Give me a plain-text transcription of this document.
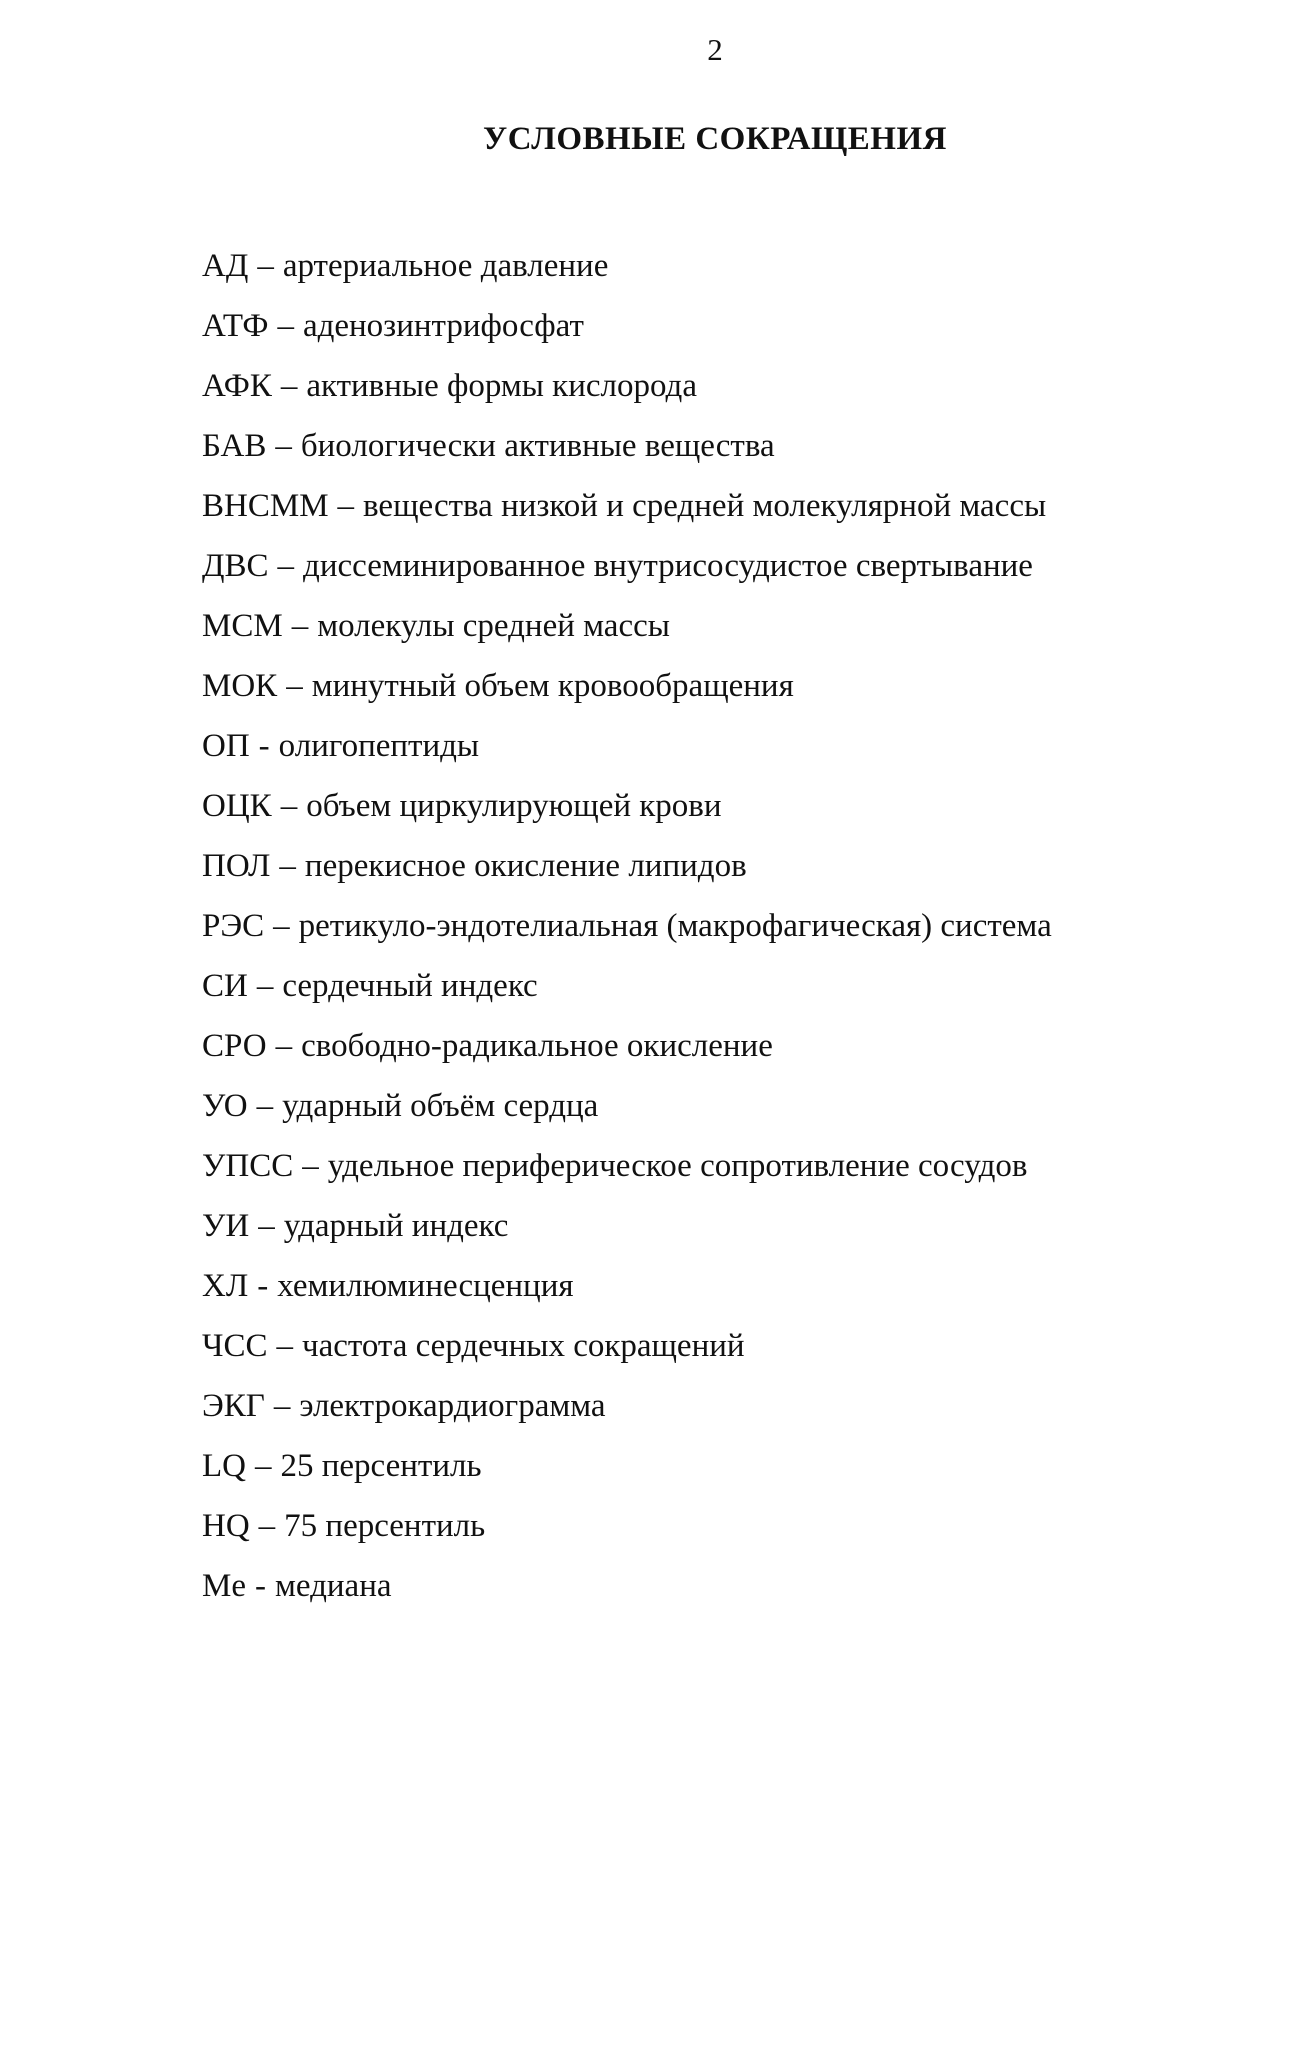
2
УСЛОВНЫЕ СОКРАЩЕНИЯ
АД – артериальное давление
АТФ – аденозинтрифосфат
АФК – активные формы кислорода
БАВ – биологически активные вещества
ВНСММ – вещества низкой и средней молекулярной массы
ДВС – диссеминированное внутрисосудистое свертывание
МСМ – молекулы средней массы
МОК – минутный объем кровообращения
ОП - олигопептиды
ОЦК – объем циркулирующей крови
ПОЛ – перекисное окисление липидов
РЭС – ретикуло-эндотелиальная (макрофагическая) система
СИ – сердечный индекс
СРО – свободно-радикальное окисление
УО – ударный объём сердца
УПСС – удельное периферическое сопротивление сосудов
УИ – ударный индекс
ХЛ - хемилюминесценция
ЧСС – частота сердечных сокращений
ЭКГ – электрокардиограмма
LQ – 25 персентиль
HQ – 75 персентиль
Me - медиана
